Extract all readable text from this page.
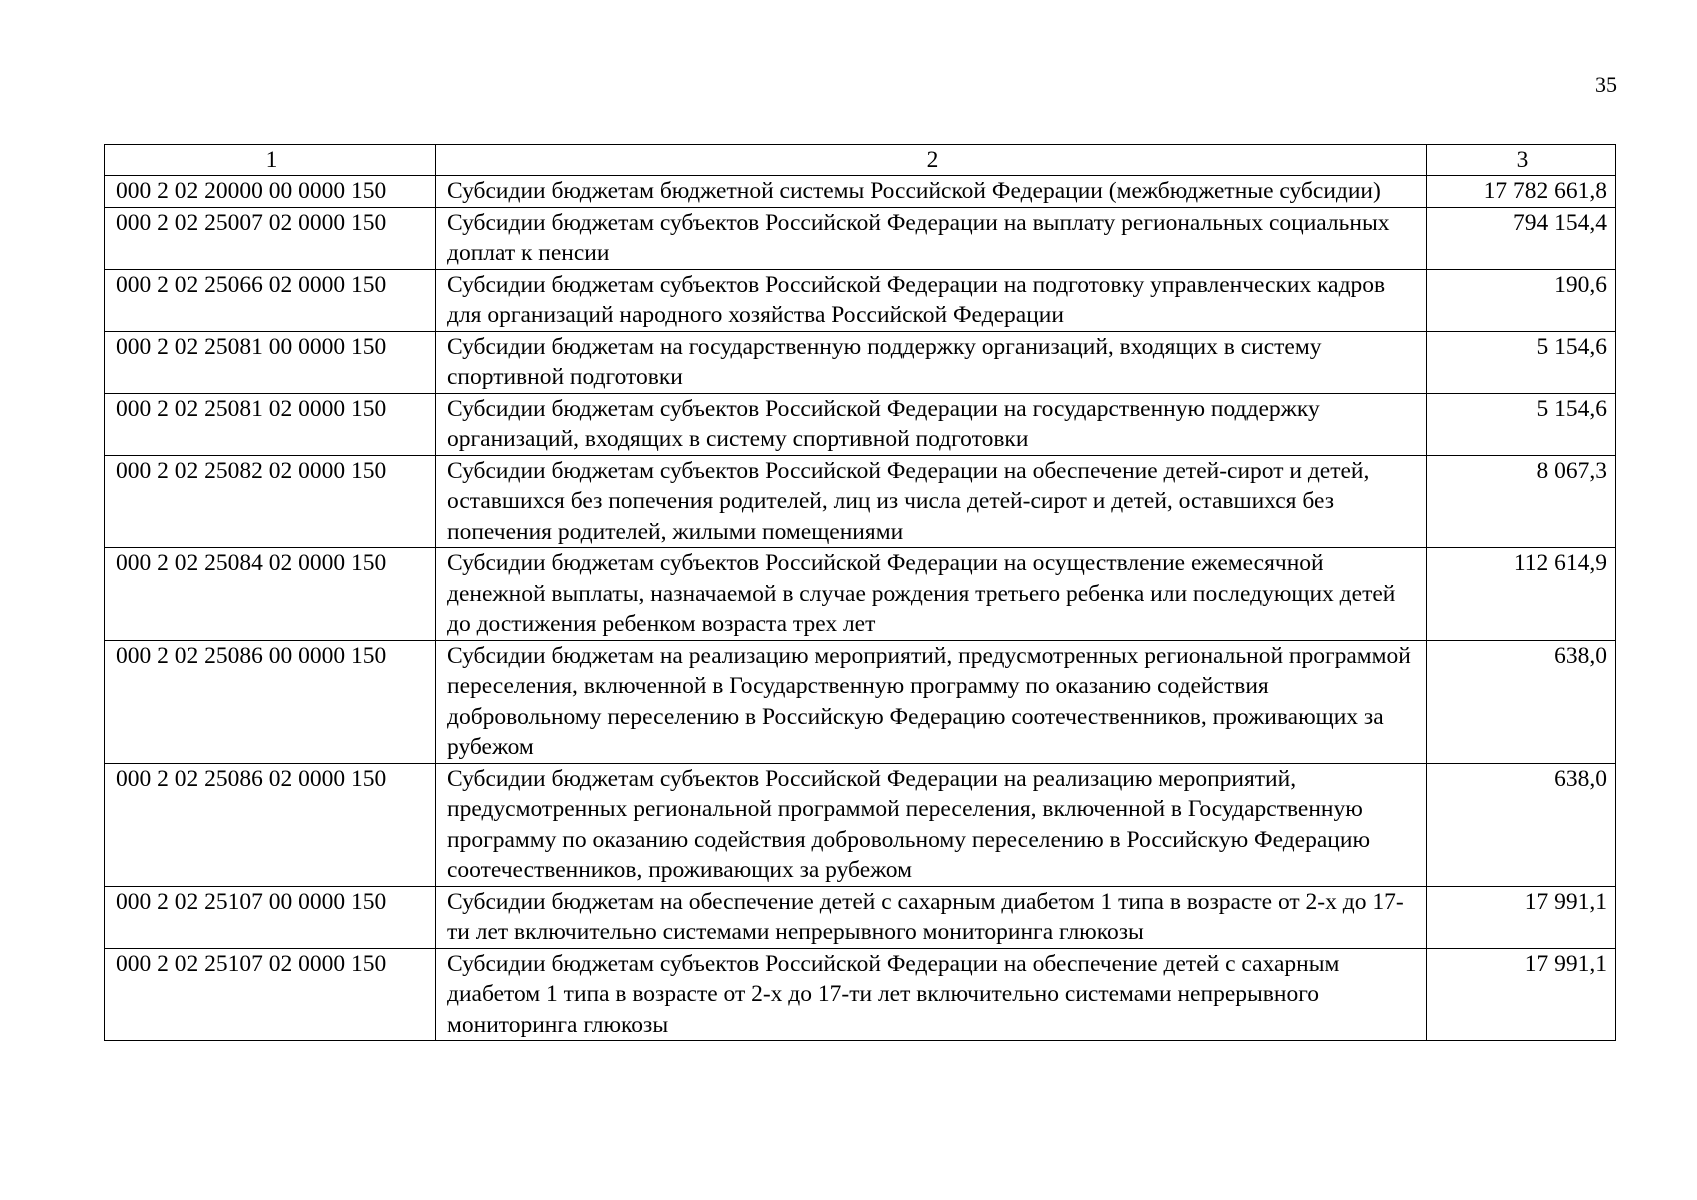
35
1	2	3
000 2 02 20000 00 0000 150	Субсидии бюджетам бюджетной системы Российской Федерации (межбюджетные субсидии)	17 782 661,8
000 2 02 25007 02 0000 150	Субсидии бюджетам субъектов Российской Федерации на выплату региональных социальных доплат к пенсии	794 154,4
000 2 02 25066 02 0000 150	Субсидии бюджетам субъектов Российской Федерации на подготовку управленческих кадров для организаций народного хозяйства Российской Федерации	190,6
000 2 02 25081 00 0000 150	Субсидии бюджетам на государственную поддержку организаций, входящих в систему спортивной подготовки	5 154,6
000 2 02 25081 02 0000 150	Субсидии бюджетам субъектов Российской Федерации на государственную поддержку организаций, входящих в систему спортивной подготовки	5 154,6
000 2 02 25082 02 0000 150	Субсидии бюджетам субъектов Российской Федерации на обеспечение детей-сирот и детей, оставшихся без попечения родителей, лиц из числа детей-сирот и детей, оставшихся без попечения родителей, жилыми помещениями	8 067,3
000 2 02 25084 02 0000 150	Субсидии бюджетам субъектов Российской Федерации на осуществление ежемесячной денежной выплаты, назначаемой в случае рождения третьего ребенка или последующих детей до достижения ребенком возраста трех лет	112 614,9
000 2 02 25086 00 0000 150	Субсидии бюджетам на реализацию мероприятий, предусмотренных региональной программой переселения, включенной в Государственную программу по оказанию содействия добровольному переселению в Российскую Федерацию соотечественников, проживающих за рубежом	638,0
000 2 02 25086 02 0000 150	Субсидии бюджетам субъектов Российской Федерации на реализацию мероприятий, предусмотренных региональной программой переселения, включенной в Государственную программу по оказанию содействия добровольному переселению в Российскую Федерацию соотечественников, проживающих за рубежом	638,0
000 2 02 25107 00 0000 150	Субсидии бюджетам на обеспечение детей с сахарным диабетом 1 типа в возрасте от 2-х до 17-ти лет включительно системами непрерывного мониторинга глюкозы	17 991,1
000 2 02 25107 02 0000 150	Субсидии бюджетам субъектов Российской Федерации на обеспечение детей с сахарным диабетом 1 типа в возрасте от 2-х до 17-ти лет включительно системами непрерывного мониторинга глюкозы	17 991,1
